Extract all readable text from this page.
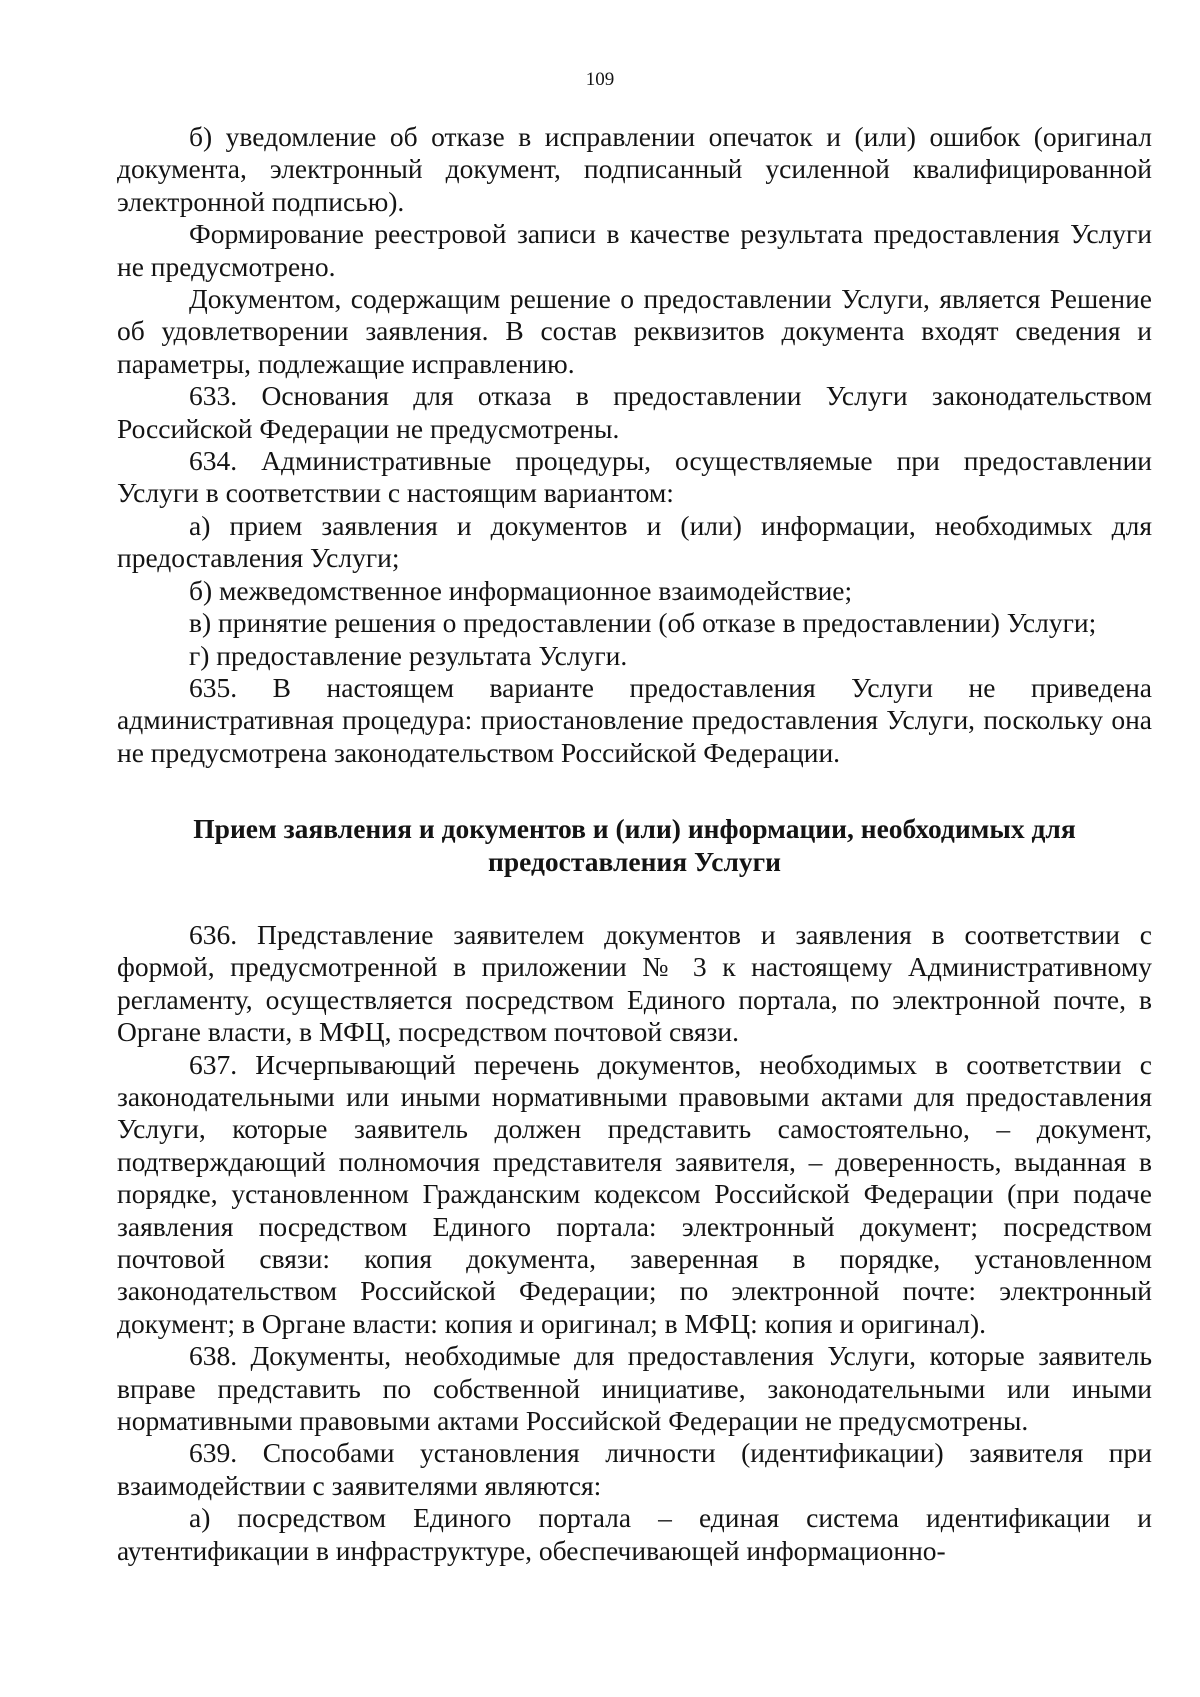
109

б) уведомление об отказе в исправлении опечаток и (или) ошибок (оригинал документа, электронный документ, подписанный усиленной квалифицированной электронной подписью).

Формирование реестровой записи в качестве результата предоставления Услуги не предусмотрено.

Документом, содержащим решение о предоставлении Услуги, является Решение об удовлетворении заявления. В состав реквизитов документа входят сведения и параметры, подлежащие исправлению.

633. Основания для отказа в предоставлении Услуги законодательством Российской Федерации не предусмотрены.

634. Административные процедуры, осуществляемые при предоставлении Услуги в соответствии с настоящим вариантом:

а) прием заявления и документов и (или) информации, необходимых для предоставления Услуги;

б) межведомственное информационное взаимодействие;

в) принятие решения о предоставлении (об отказе в предоставлении) Услуги;

г) предоставление результата Услуги.

635. В настоящем варианте предоставления Услуги не приведена административная процедура: приостановление предоставления Услуги, поскольку она не предусмотрена законодательством Российской Федерации.

Прием заявления и документов и (или) информации, необходимых для предоставления Услуги

636. Представление заявителем документов и заявления в соответствии с формой, предусмотренной в приложении № 3 к настоящему Административному регламенту, осуществляется посредством Единого портала, по электронной почте, в Органе власти, в МФЦ, посредством почтовой связи.

637. Исчерпывающий перечень документов, необходимых в соответствии с законодательными или иными нормативными правовыми актами для предоставления Услуги, которые заявитель должен представить самостоятельно, – документ, подтверждающий полномочия представителя заявителя, – доверенность, выданная в порядке, установленном Гражданским кодексом Российской Федерации (при подаче заявления посредством Единого портала: электронный документ; посредством почтовой связи: копия документа, заверенная в порядке, установленном законодательством Российской Федерации; по электронной почте: электронный документ; в Органе власти: копия и оригинал; в МФЦ: копия и оригинал).

638. Документы, необходимые для предоставления Услуги, которые заявитель вправе представить по собственной инициативе, законодательными или иными нормативными правовыми актами Российской Федерации не предусмотрены.

639. Способами установления личности (идентификации) заявителя при взаимодействии с заявителями являются:

а) посредством Единого портала – единая система идентификации и аутентификации в инфраструктуре, обеспечивающей информационно-
